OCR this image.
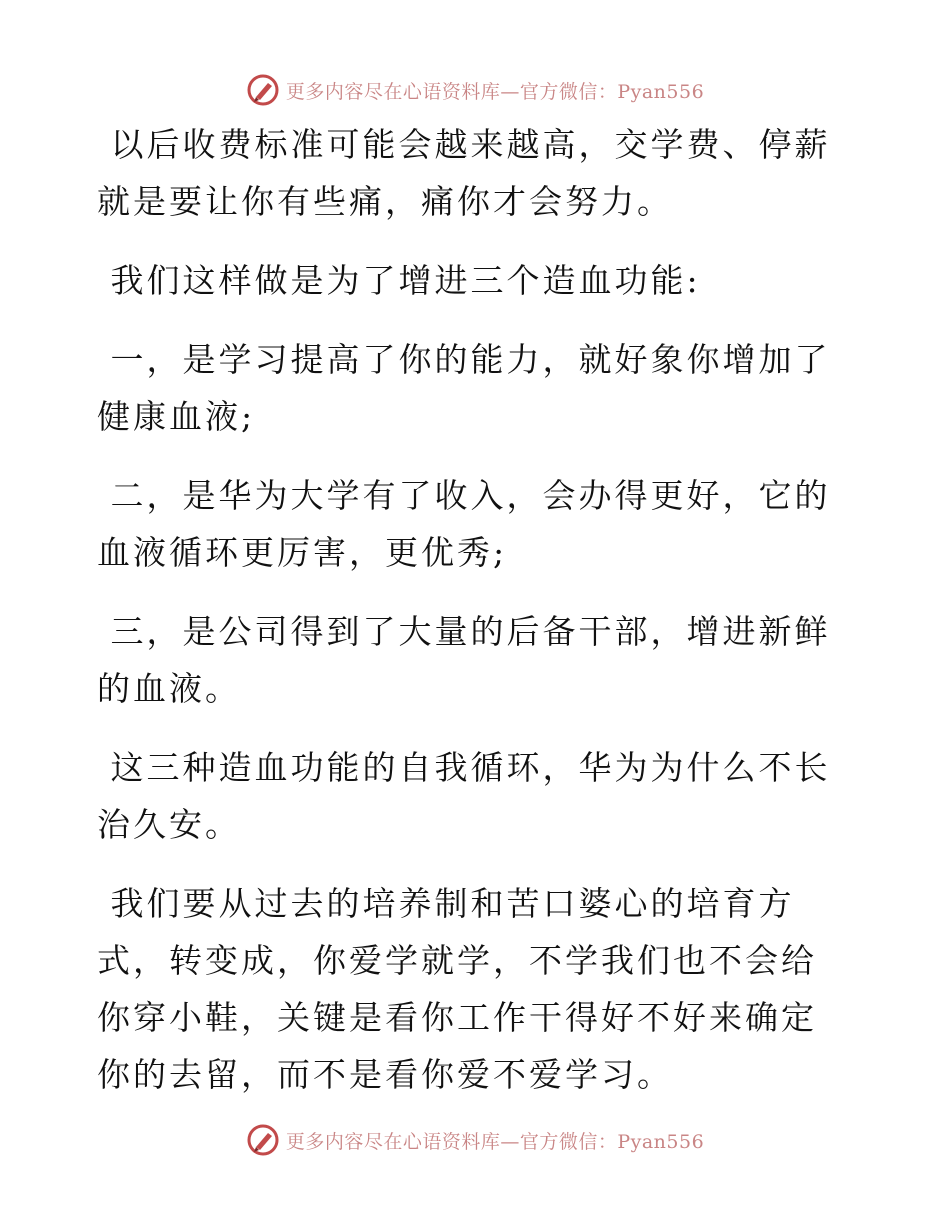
更多内容尽在心语资料库—官方微信：Pyan556

以后收费标准可能会越来越高，交学费、停薪就是要让你有些痛，痛你才会努力。

我们这样做是为了增进三个造血功能:

一，是学习提高了你的能力，就好象你增加了健康血液;

二，是华为大学有了收入，会办得更好，它的血液循环更厉害，更优秀;

三，是公司得到了大量的后备干部，增进新鲜的血液。

这三种造血功能的自我循环，华为为什么不长治久安。

我们要从过去的培养制和苦口婆心的培育方式，转变成，你爱学就学，不学我们也不会给你穿小鞋，关键是看你工作干得好不好来确定你的去留，而不是看你爱不爱学习。

更多内容尽在心语资料库—官方微信：Pyan556
